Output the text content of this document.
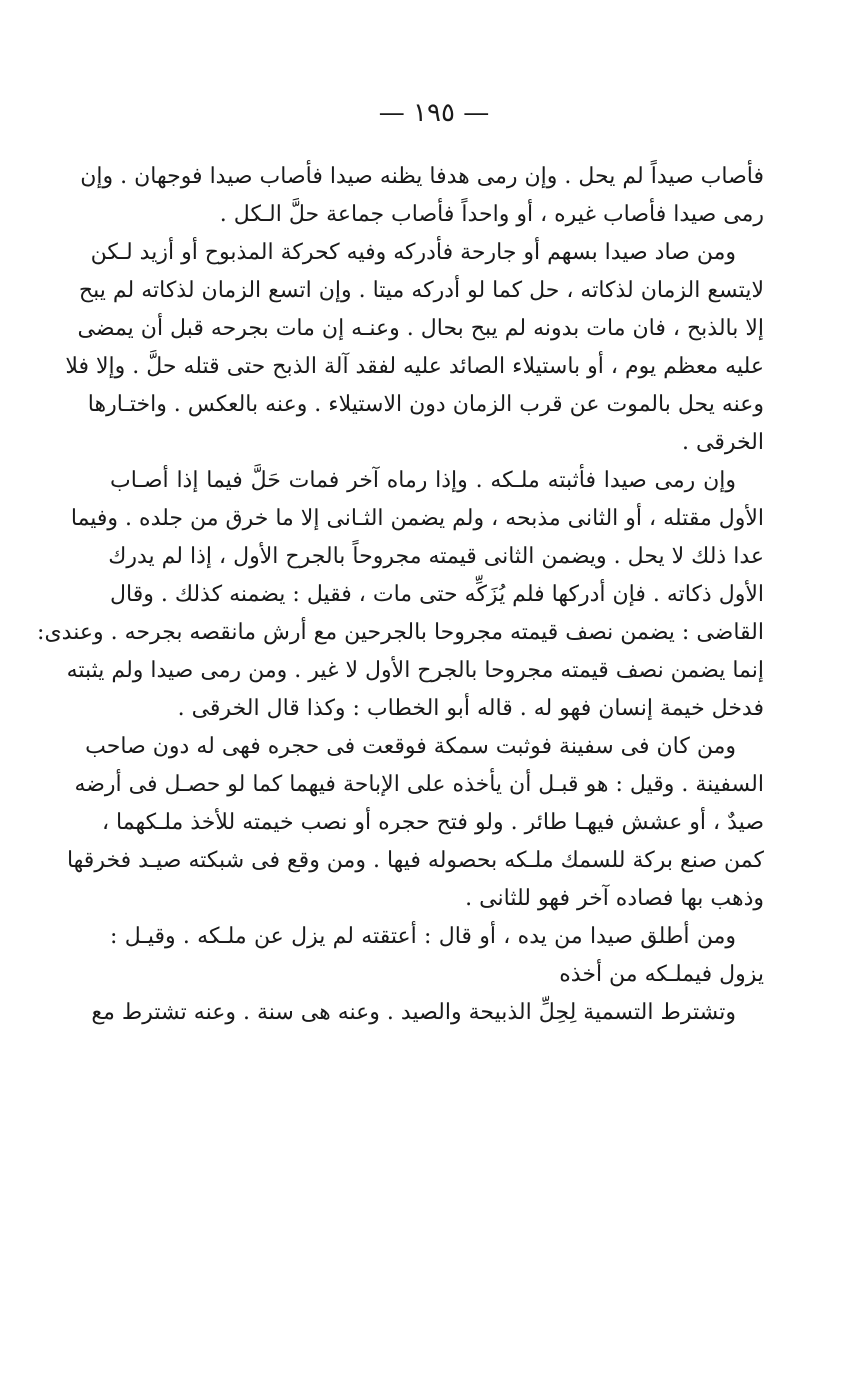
— ١٩٥ —
فأصاب صيداً لم يحل . وإن رمى هدفا يظنه صيدا فأصاب صيدا فوجهان . وإن
رمى صيدا فأصاب غيره ، أو واحداً فأصاب جماعة حلَّ الـكل .
ومن صاد صيدا بسهم أو جارحة فأدركه وفيه كحركة المذبوح أو أزيد لـكن
لايتسع الزمان لذكاته ، حل كما لو أدركه ميتا . وإن اتسع الزمان لذكاته لم يبح
إلا بالذبح ، فان مات بدونه لم يبح بحال . وعنـه إن مات بجرحه قبل أن يمضى
عليه معظم يوم ، أو باستيلاء الصائد عليه لفقد آلة الذبح حتى قتله حلَّ . وإلا فلا
وعنه يحل بالموت عن قرب الزمان دون الاستيلاء . وعنه بالعكس . واختـارها
الخرقى .
وإن رمى صيدا فأثبته ملـكه . وإذا رماه آخر فمات حَلَّ فيما إذا أصـاب
الأول مقتله ، أو الثانى مذبحه ، ولم يضمن الثـانى إلا ما خرق من جلده . وفيما
عدا ذلك لا يحل . ويضمن الثانى قيمته مجروحاً بالجرح الأول ، إذا لم يدرك
الأول ذكاته . فإن أدركها فلم يُزَكِّه حتى مات ، فقيل : يضمنه كذلك . وقال
القاضى : يضمن نصف قيمته مجروحا بالجرحين مع أرش مانقصه بجرحه . وعندى:
إنما يضمن نصف قيمته مجروحا بالجرح الأول لا غير . ومن رمى صيدا ولم يثبته
فدخل خيمة إنسان فهو له . قاله أبو الخطاب : وكذا قال الخرقى .
ومن كان فى سفينة فوثبت سمكة فوقعت فى حجره فهى له دون صاحب
السفينة . وقيل : هو قبـل أن يأخذه على الإباحة فيهما كما لو حصـل فى أرضه
صيدٌ ، أو عشش فيهـا طائر . ولو فتح حجره أو نصب خيمته للأخذ ملـكهما ،
كمن صنع بركة للسمك ملـكه بحصوله فيها . ومن وقع فى شبكته صيـد فخرقها
وذهب بها فصاده آخر فهو للثانى .
ومن أطلق صيدا من يده ، أو قال : أعتقته لم يزل عن ملـكه . وقيـل :
يزول فيملـكه من أخذه
وتشترط التسمية لِحِلِّ الذبيحة والصيد . وعنه هى سنة . وعنه تشترط مع
